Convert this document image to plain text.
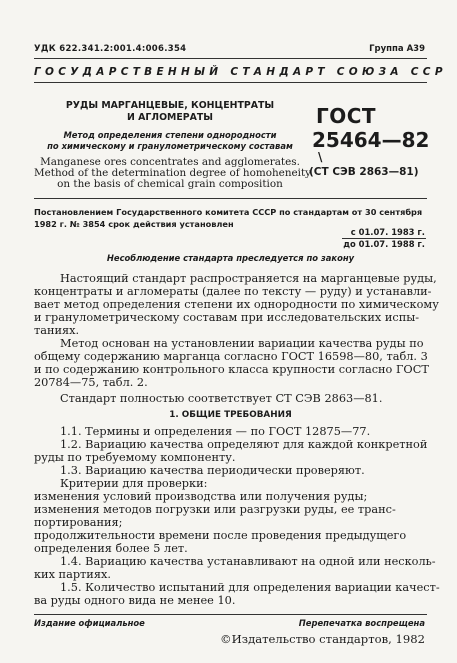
УДК 622.341.2:001.4:006.354	Группа А39
ГОСУДАРСТВЕННЫЙ СТАНДАРТ СОЮЗА ССР
РУДЫ МАРГАНЦЕВЫЕ, КОНЦЕНТРАТЫ
И АГЛОМЕРАТЫ
Метод определения степени однородности
по химическому и гранулометрическому составам
Manganese ores concentrates and agglomerates.
Method of the determination degree of homoheneity
on the basis of chemical grain composition
ГОСТ
25464—82
\
(СТ СЭВ 2863—81)
Постановлением Государственного комитета СССР по стандартам от 30 сентября
1982 г. № 3854 срок действия установлен
с 01.07. 1983 г.
до 01.07. 1988 г.
Несоблюдение стандарта преследуется по закону
Настоящий стандарт распространяется на марганцевые руды,
концентраты и агломераты (далее по тексту — руду) и устанавли-
вает метод определения степени их однородности по химическому
и гранулометрическому составам при исследовательских испы-
таниях.
Метод основан на установлении вариации качества руды по
общему содержанию марганца согласно ГОСТ 16598—80, табл. 3
и по содержанию контрольного класса крупности согласно ГОСТ
20784—75, табл. 2.
Стандарт полностью соответствует СТ СЭВ 2863—81.
1. ОБЩИЕ ТРЕБОВАНИЯ
1.1. Термины и определения — по ГОСТ 12875—77.
1.2. Вариацию качества определяют для каждой конкретной
руды по требуемому компоненту.
1.3. Вариацию качества периодически проверяют.
Критерии для проверки:
изменения условий производства или получения руды;
изменения методов погрузки или разгрузки руды, ее транс-
портирования;
продолжительности времени после проведения предыдущего
определения более 5 лет.
1.4. Вариацию качества устанавливают на одной или несколь-
ких партиях.
1.5. Количество испытаний для определения вариации качест-
ва руды одного вида не менее 10.
Издание официальное	Перепечатка воспрещена
©Издательство стандартов, 1982
